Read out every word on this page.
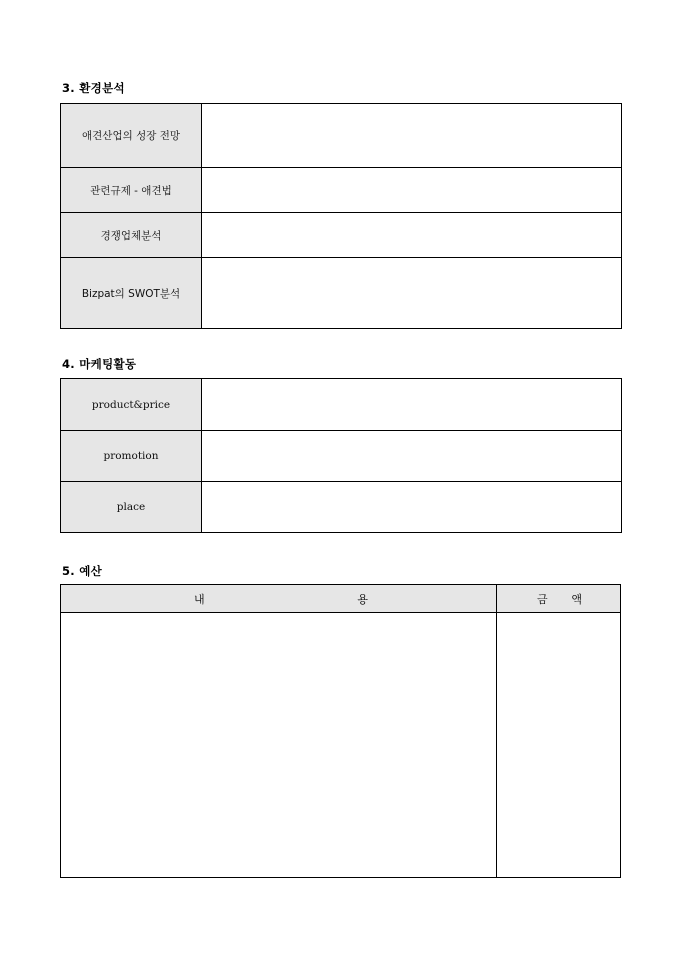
3. 환경분석
애견산업의 성장 전망	
관련규제 - 애견법	
경쟁업체분석	
Bizpat의 SWOT분석	
4. 마케팅활동
product&price	
promotion	
place	
5. 예산
내 용	금 액
